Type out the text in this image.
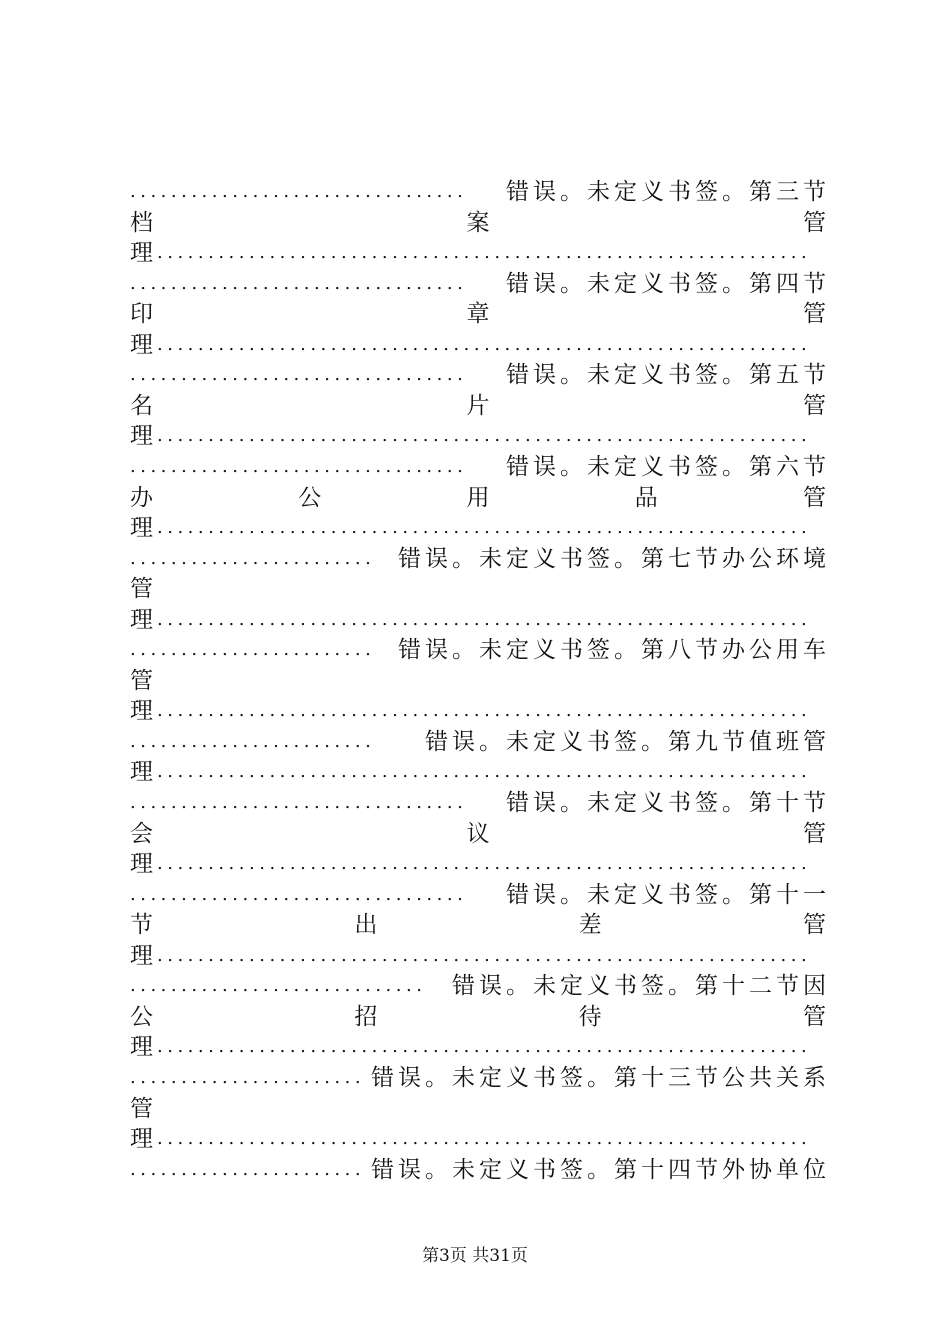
.................................	错误。未定义书签。第三节
档	案	管
理 ................................................................
.................................	错误。未定义书签。第四节
印	章	管
理 ................................................................
.................................	错误。未定义书签。第五节
名	片	管
理 ................................................................
.................................	错误。未定义书签。第六节
办	公	用	品	管
理 ................................................................
........................ 错误。未定义书签。第七节办公环境
管
理 ................................................................
........................ 错误。未定义书签。第八节办公用车
管
理 ................................................................
........................	错误。未定义书签。第九节值班管
理 ................................................................
.................................	错误。未定义书签。第十节
会	议	管
理 ................................................................
.................................	错误。未定义书签。第十一
节	出	差	管
理 ................................................................
.............................	错误。未定义书签。第十二节因
公	招	待	管
理 ................................................................
....................... 错误。未定义书签。第十三节公共关系
管
理 ................................................................
....................... 错误。未定义书签。第十四节外协单位
第3页 共31页
